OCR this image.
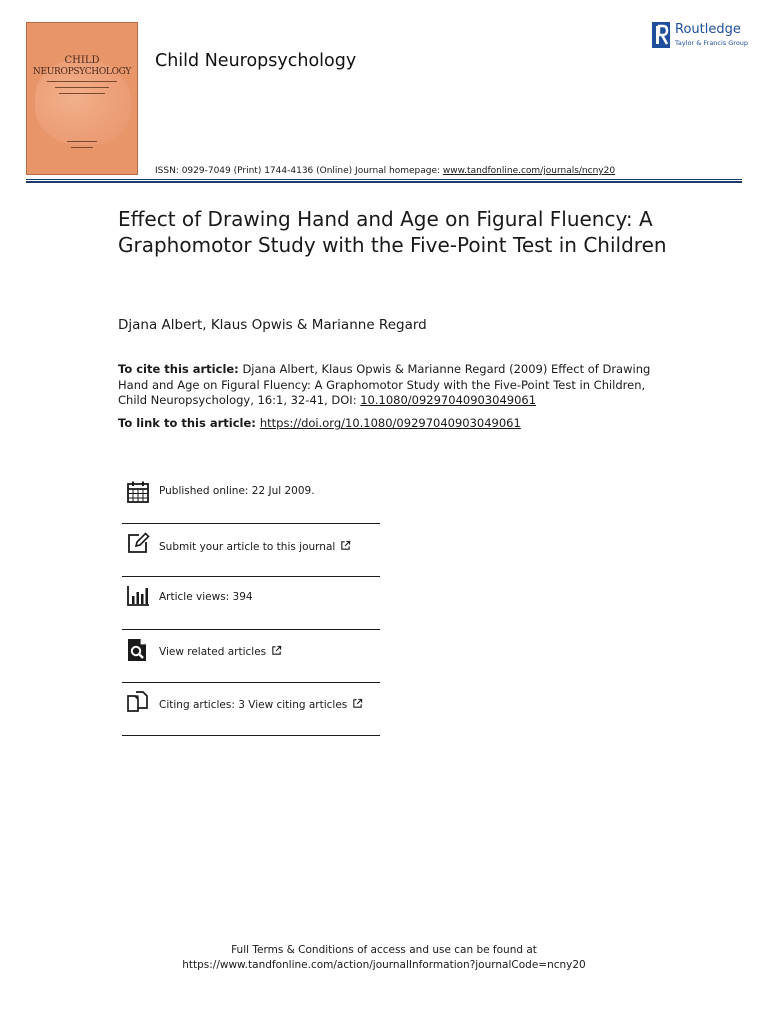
CHILD
NEUROPSYCHOLOGY
Child Neuropsychology
ISSN: 0929-7049 (Print) 1744-4136 (Online) Journal homepage: www.tandfonline.com/journals/ncny20
Routledge
Taylor & Francis Group
Effect of Drawing Hand and Age on Figural Fluency: A Graphomotor Study with the Five-Point Test in Children
Djana Albert, Klaus Opwis & Marianne Regard
To cite this article: Djana Albert, Klaus Opwis & Marianne Regard (2009) Effect of Drawing Hand and Age on Figural Fluency: A Graphomotor Study with the Five-Point Test in Children, Child Neuropsychology, 16:1, 32-41, DOI: 10.1080/09297040903049061
To link to this article: https://doi.org/10.1080/09297040903049061
Published online: 22 Jul 2009.
Submit your article to this journal
Article views: 394
View related articles
Citing articles: 3 View citing articles
Full Terms & Conditions of access and use can be found at
https://www.tandfonline.com/action/journalInformation?journalCode=ncny20
